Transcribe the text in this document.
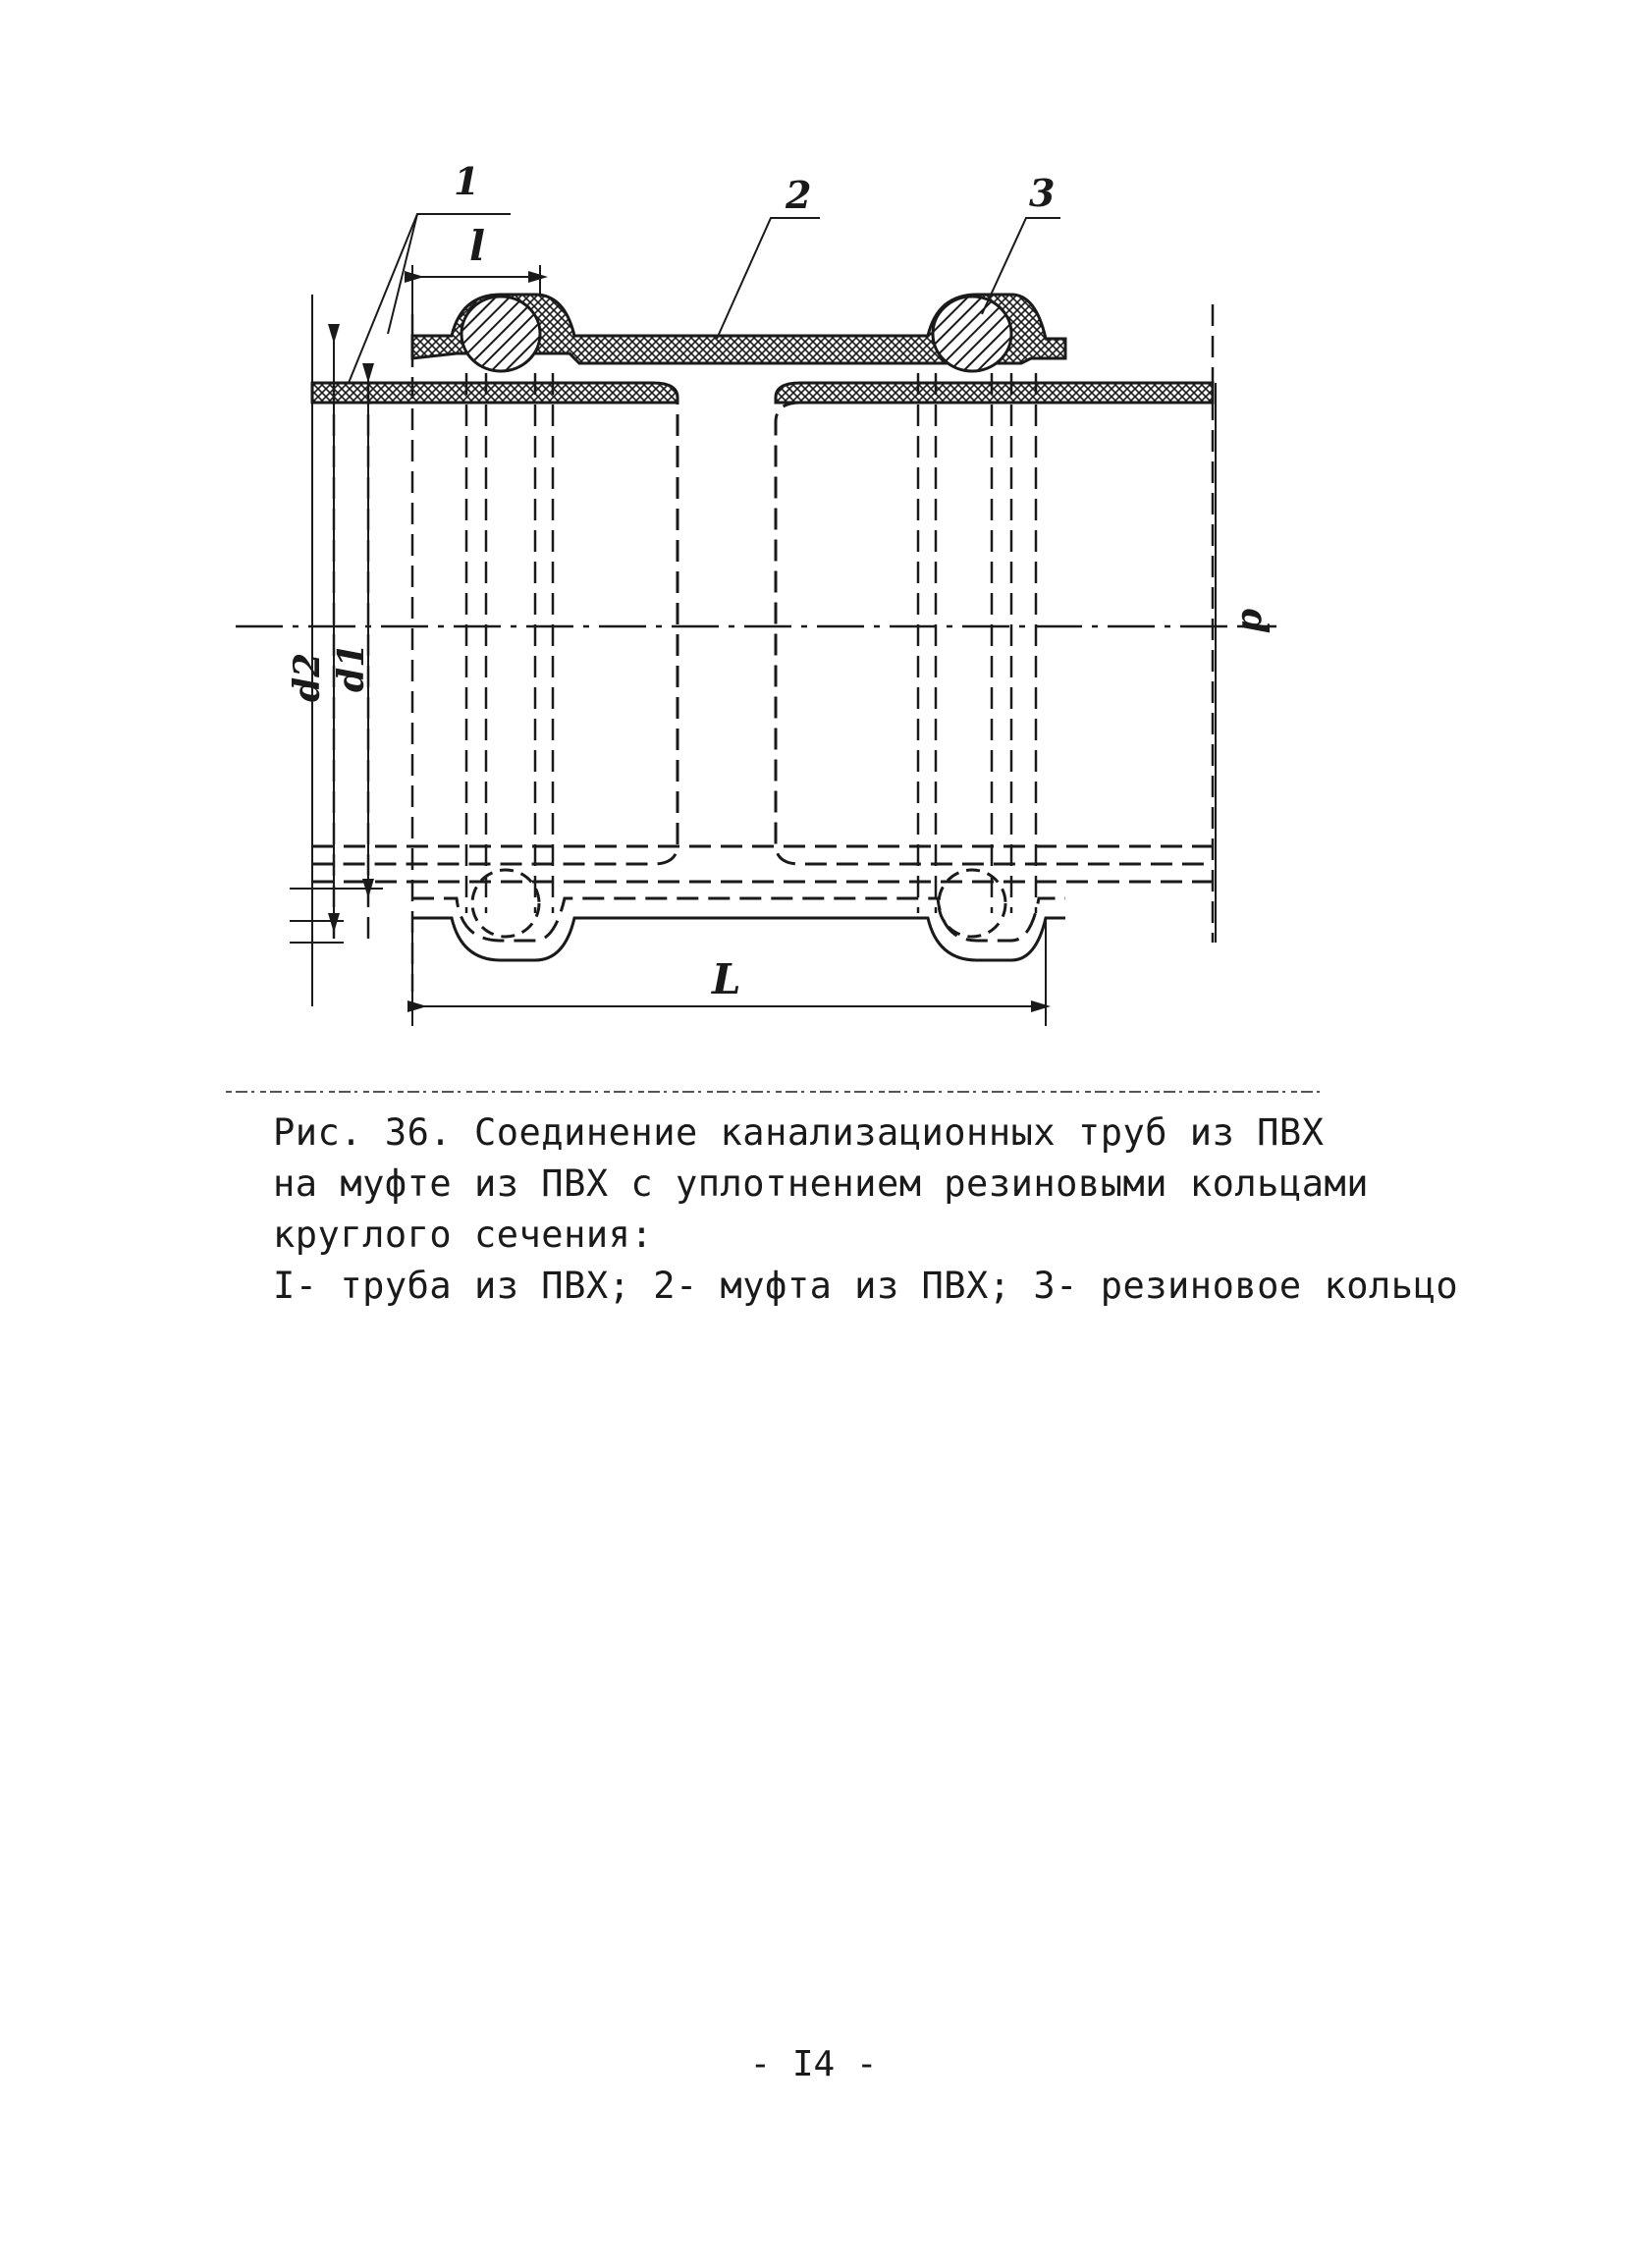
1	2	3
l
L
d2 d1
d
Рис. 36. Соединение канализационных труб из ПВХ
на муфте из ПВХ с уплотнением резиновыми кольцами
круглого сечения:
I- труба из ПВХ; 2- муфта из ПВХ; 3- резиновое кольцо
- I4 -
